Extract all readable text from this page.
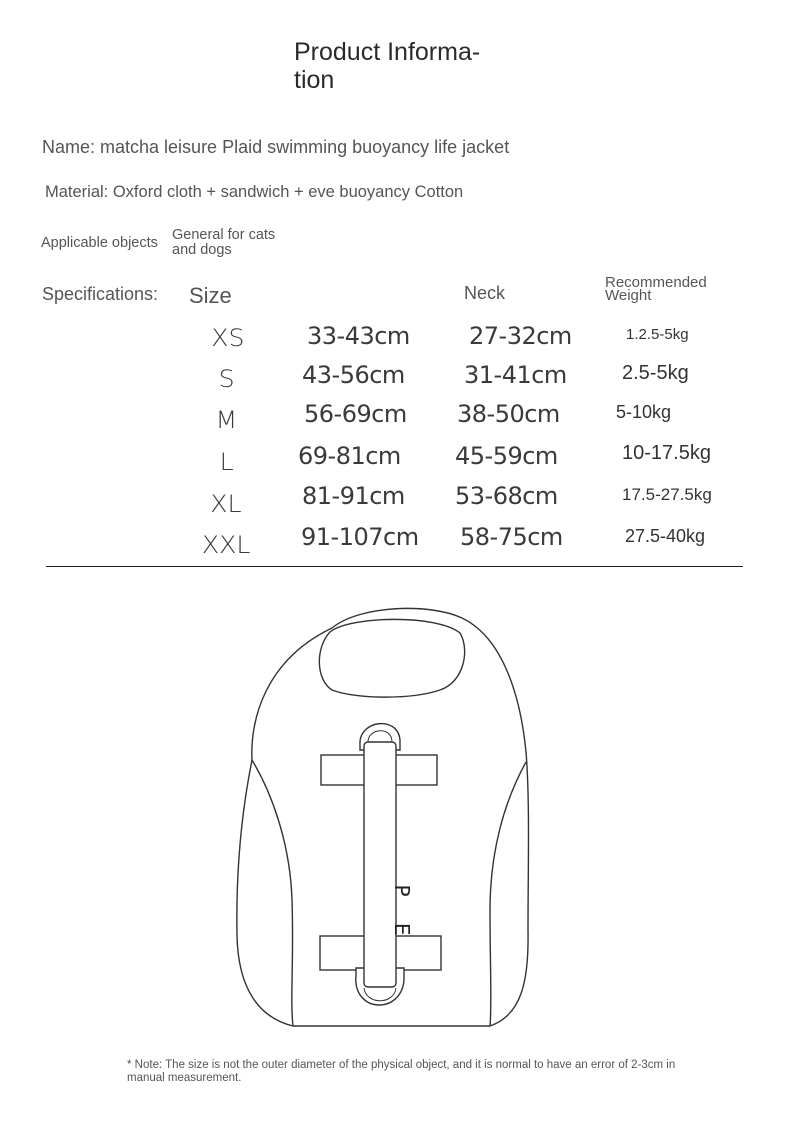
Product Informa-
tion
Name: matcha leisure Plaid swimming buoyancy life jacket
Material: Oxford cloth + sandwich + eve buoyancy Cotton
Applicable objects General for cats
and dogs
Specifications: Size	Neck
Recommended
Weight
XS	33-43cm 27-32cm	1.2.5-5kg
S	43-56cm 31-41cm	2.5-5kg
M	56-69cm 38-50cm	5-10kg
L	69-81cm 45-59cm	10-17.5kg
XL	81-91cm 53-68cm	17.5-27.5kg
XXL 91-107cm 58-75cm	27.5-40kg
P E
* Note: The size is not the outer diameter of the physical object, and it is normal to have an error of 2-3cm in manual measurement.
